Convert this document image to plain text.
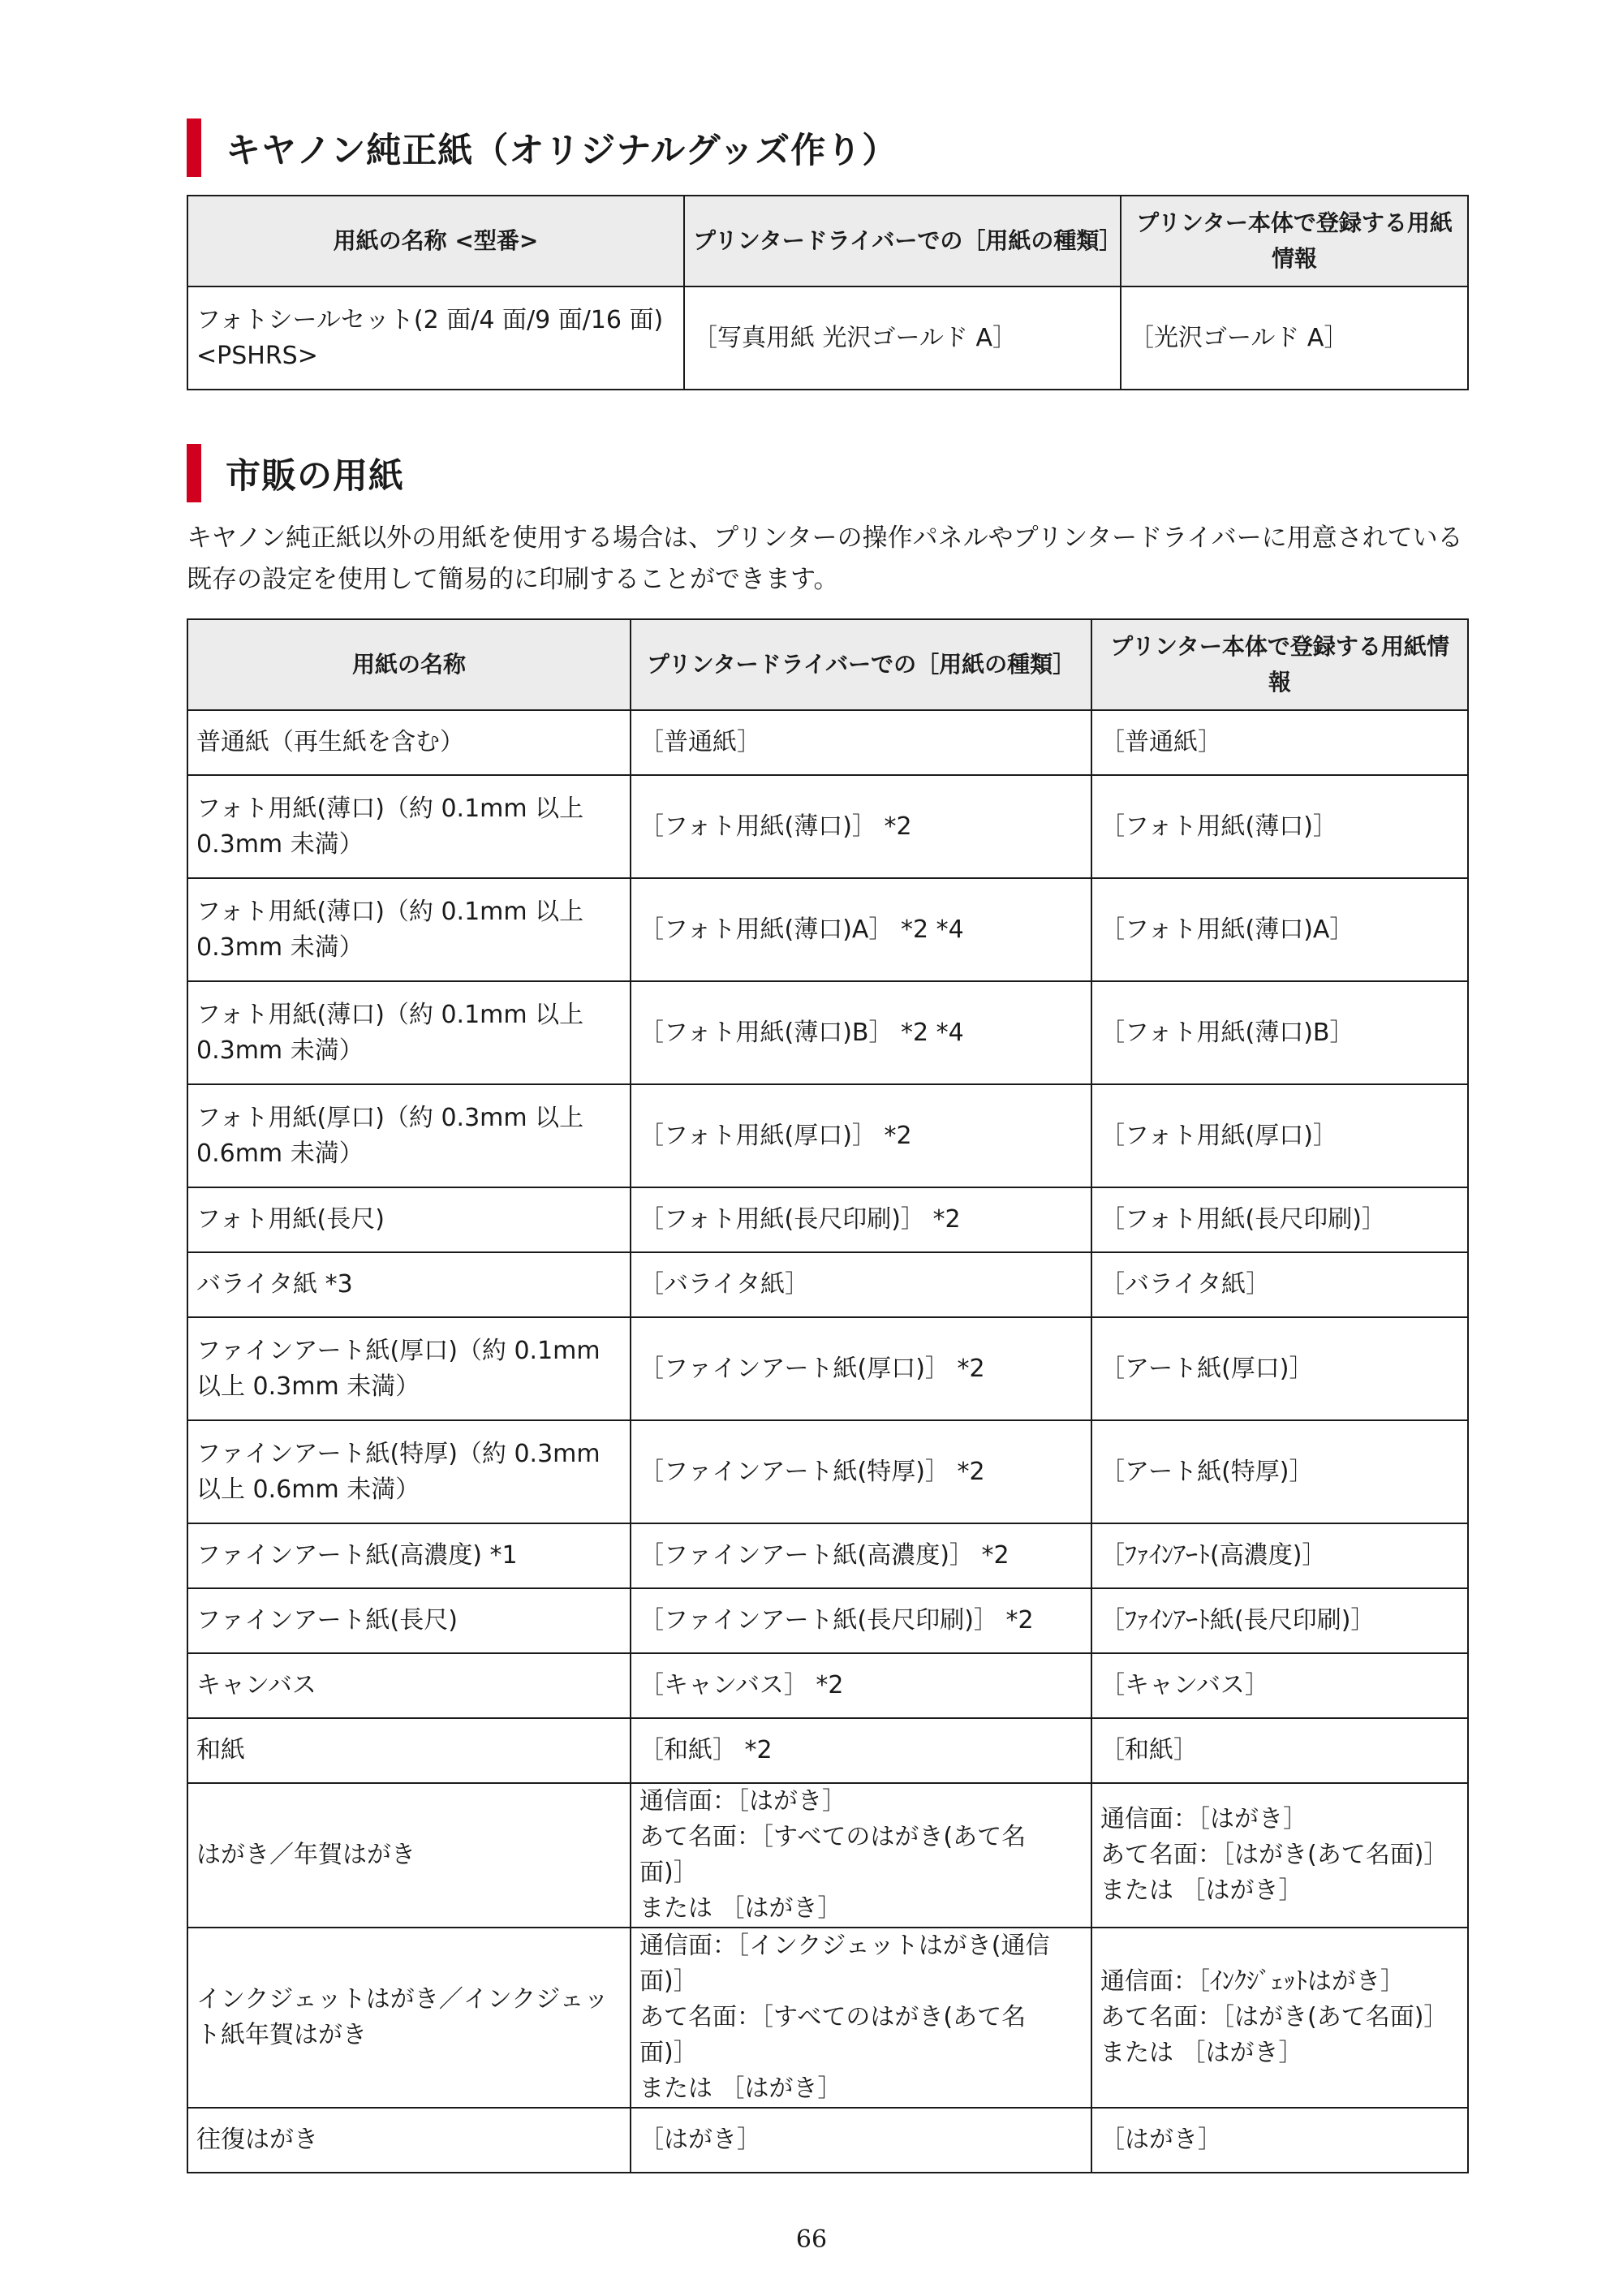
キヤノン純正紙（オリジナルグッズ作り）
用紙の名称 <型番>	プリンタードライバーでの［用紙の種類］	プリンター本体で登録する用紙情報
フォトシールセット(2 面/4 面/9 面/16 面)
<PSHRS>	［写真用紙 光沢ゴールド A］	［光沢ゴールド A］
市販の用紙
キヤノン純正紙以外の用紙を使用する場合は、プリンターの操作パネルやプリンタードライバーに用意されている既存の設定を使用して簡易的に印刷することができます。
用紙の名称	プリンタードライバーでの［用紙の種類］	プリンター本体で登録する用紙情報
普通紙（再生紙を含む）	［普通紙］	［普通紙］
フォト用紙(薄口)（約 0.1mm 以上
0.3mm 未満）	［フォト用紙(薄口)］ *2	［フォト用紙(薄口)］
フォト用紙(薄口)（約 0.1mm 以上
0.3mm 未満）	［フォト用紙(薄口)A］ *2 *4	［フォト用紙(薄口)A］
フォト用紙(薄口)（約 0.1mm 以上
0.3mm 未満）	［フォト用紙(薄口)B］ *2 *4	［フォト用紙(薄口)B］
フォト用紙(厚口)（約 0.3mm 以上
0.6mm 未満）	［フォト用紙(厚口)］ *2	［フォト用紙(厚口)］
フォト用紙(長尺)	［フォト用紙(長尺印刷)］ *2	［フォト用紙(長尺印刷)］
バライタ紙 *3	［バライタ紙］	［バライタ紙］
ファインアート紙(厚口)（約 0.1mm
以上 0.3mm 未満）	［ファインアート紙(厚口)］ *2	［アート紙(厚口)］
ファインアート紙(特厚)（約 0.3mm
以上 0.6mm 未満）	［ファインアート紙(特厚)］ *2	［アート紙(特厚)］
ファインアート紙(高濃度) *1	［ファインアート紙(高濃度)］ *2	［ﾌｧｲﾝｱｰﾄ(高濃度)］
ファインアート紙(長尺)	［ファインアート紙(長尺印刷)］ *2	［ﾌｧｲﾝｱｰﾄ紙(長尺印刷)］
キャンバス	［キャンバス］ *2	［キャンバス］
和紙	［和紙］ *2	［和紙］
はがき／年賀はがき	通信面：［はがき］
あて名面：［すべてのはがき(あて名面)］
または ［はがき］	通信面：［はがき］
あて名面：［はがき(あて名面)］
または ［はがき］
インクジェットはがき／インクジェッ
ト紙年賀はがき	通信面：［インクジェットはがき(通信
面)］
あて名面：［すべてのはがき(あて名面)］
または ［はがき］	通信面：［ｲﾝｸｼﾞｪｯﾄはがき］
あて名面：［はがき(あて名面)］
または ［はがき］
往復はがき	［はがき］	［はがき］
66
